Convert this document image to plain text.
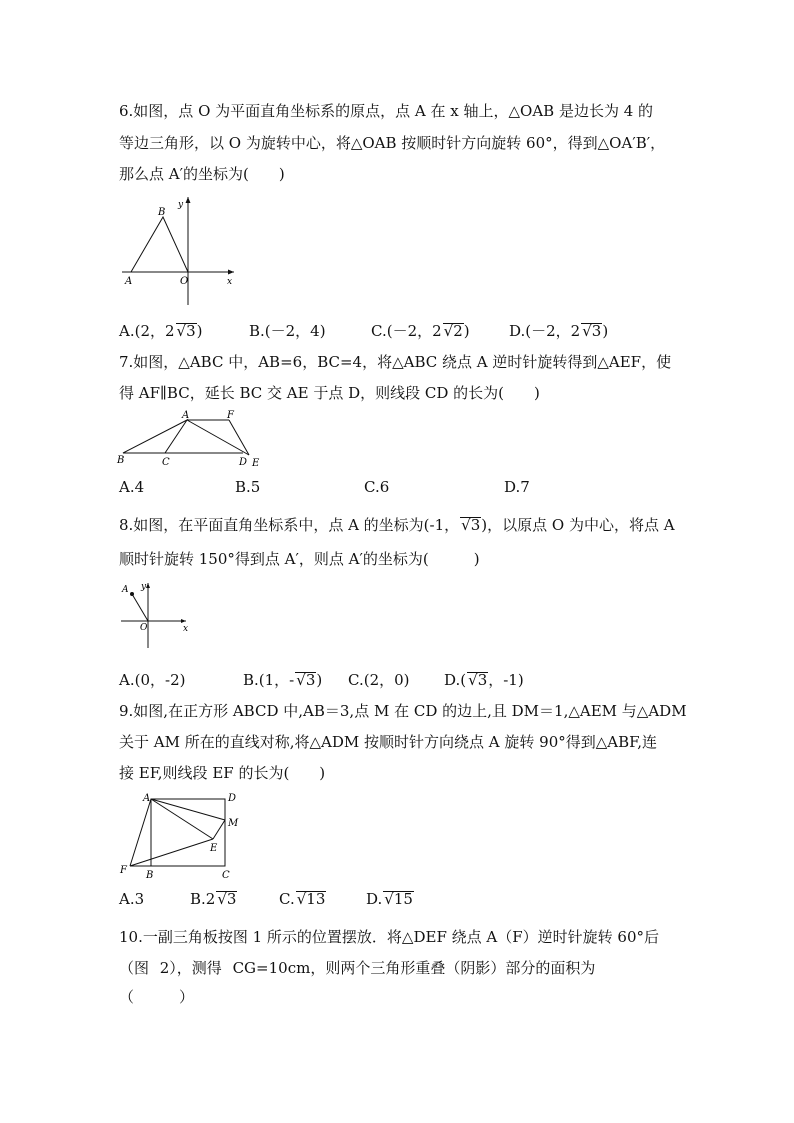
6.如图，点 O 为平面直角坐标系的原点，点 A 在 x 轴上，△OAB 是边长为 4 的
等边三角形，以 O 为旋转中心，将△OAB 按顺时针方向旋转 60°，得到△OA′B′，
那么点 A′的坐标为(　　)
y
B
A	O	x
A.(2，2 √3)	B.(－2，4)	C.(－2，2 √2)	D.(－2，2 √3)
7.如图，△ABC 中，AB=6，BC=4，将△ABC 绕点 A 逆时针旋转得到△AEF，使
得 AF∥BC，延长 BC 交 AE 于点 D，则线段 CD 的长为(　　)
A	F
B	C	D E
A.4	B.5	C.6	D.7
8.如图，在平面直角坐标系中，点 A 的坐标为(-1， √3)，以原点 O 为中心，将点 A
顺时针旋转 150°得到点 A′，则点 A′的坐标为(　　　)
A y
O	x
A.(0，-2)	B.(1，- √3) C.(2，0) D.( √3，-1)
9.如图,在正方形 ABCD 中,AB＝3,点 M 在 CD 的边上,且 DM＝1,△AEM 与△ADM
关于 AM 所在的直线对称,将△ADM 按顺时针方向绕点 A 旋转 90°得到△ABF,连
接 EF,则线段 EF 的长为(　　)
A	D
M
E
F B	C
A.3	B.2 √3	C. √13	D. √15
10.一副三角板按图 1 所示的位置摆放．将△DEF 绕点 A（F）逆时针旋转 60°后
（图 2），测得 CG=10cm，则两个三角形重叠（阴影）部分的面积为
（　　　）
